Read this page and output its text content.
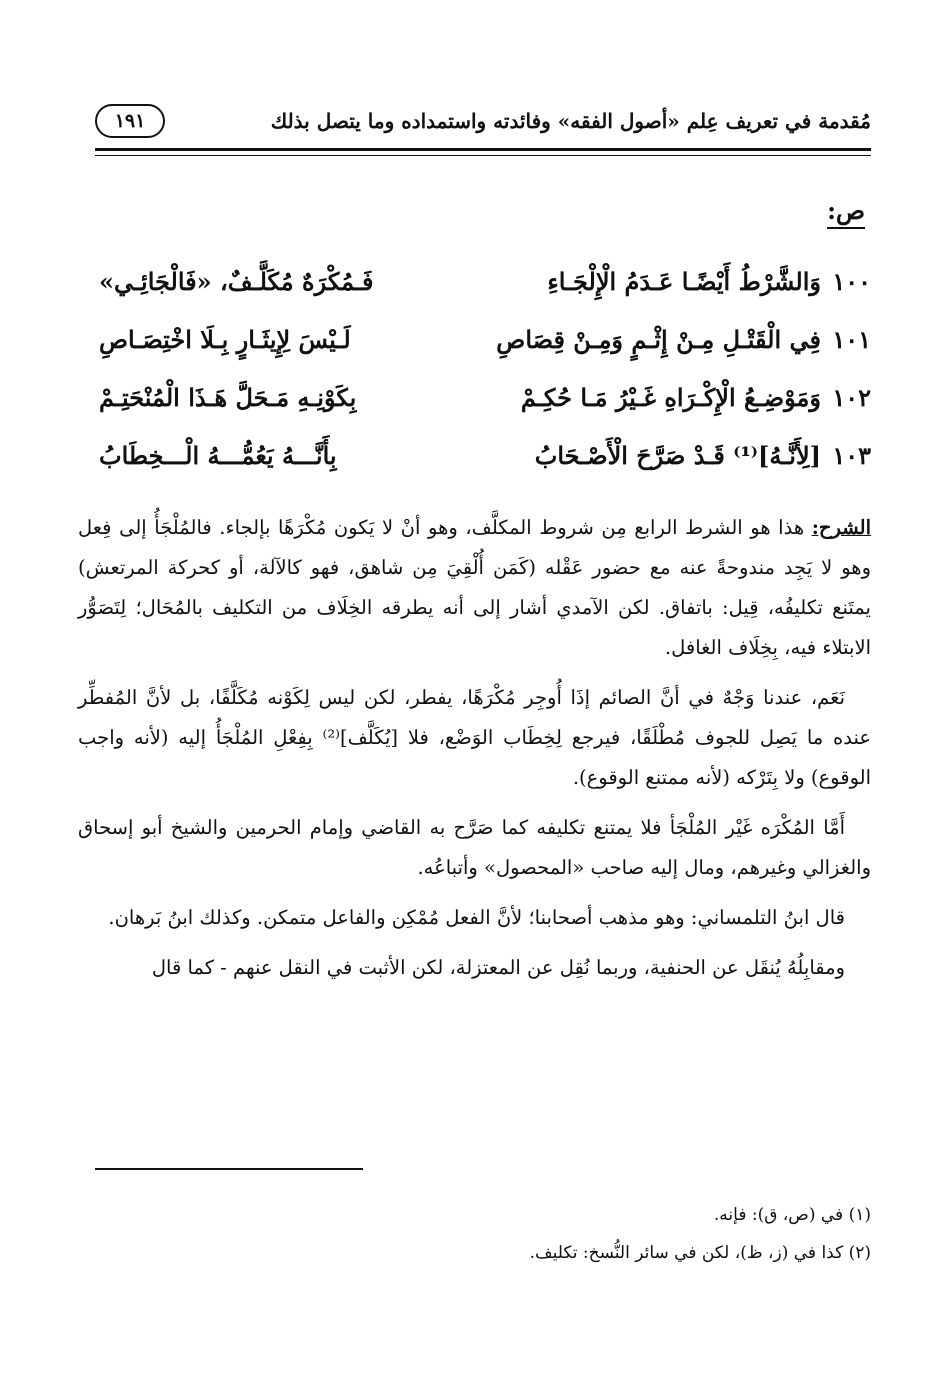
مُقدمة في تعريف عِلم «أصول الفقه» وفائدته واستمداده وما يتصل بذلك
١٩١
ص:
١٠٠
وَالشَّرْطُ أَيْضًـا عَـدَمُ الْإِلْجَـاءِ
فَـمُكْرَهٌ مُكَلَّـفٌ، «فَالْجَائِـي»
١٠١
فِي الْقَتْـلِ مِـنْ إِثْـمٍ وَمِـنْ قِصَاصِ
لَـيْسَ لِإِيثَـارٍ بِـلَا اخْتِصَـاصِ
١٠٢
وَمَوْضِـعُ الْإِكْـرَاهِ غَـيْرُ مَـا حُكِـمْ
بِكَوْنِـهِ مَـحَلَّ هَـذَا الْمُنْحَتِـمْ
١٠٣
[لِأَنَّـهُ]⁽¹⁾ قَـدْ صَرَّحَ الْأَصْـحَابُ
بِأَنَّـــهُ يَعُمُّـــهُ الْـــخِطَابُ

الشرح: هذا هو الشرط الرابع مِن شروط المكلَّف، وهو أنْ لا يَكون مُكْرَهًا بإلجاء. فالمُلْجَأُ إلى فِعل وهو لا يَجِد مندوحةً عنه مع حضور عَقْله (كَمَن أُلْقِيَ مِن شاهق، فهو كالآلة، أو كحركة المرتعش) يمتَنع تكليفُه، قِيل: باتفاق. لكن الآمدي أشار إلى أنه يطرقه الخِلَاف من التكليف بالمُحَال؛ لِتَصَوُّر الابتلاء فيه، بِخِلَاف الغافل.

نَعَم، عندنا وَجْهٌ في أنَّ الصائم إذَا أُوجِر مُكْرَهًا، يفطر، لكن ليس لِكَوْنه مُكَلَّفًا، بل لأنَّ المُفطِّر عنده ما يَصِل للجوف مُطْلَقًا، فيرجع لِخِطَاب الوَضْع، فلا [يُكَلَّف]⁽²⁾ بِفِعْلِ المُلْجَأُ إليه (لأنه واجب الوقوع) ولا بِتَرْكه (لأنه ممتنع الوقوع).

أَمَّا المُكْرَه غَيْر المُلْجَأ فلا يمتنع تكليفه كما صَرَّح به القاضي وإمام الحرمين والشيخ أبو إسحاق والغزالي وغيرهم، ومال إليه صاحب «المحصول» وأتباعُه.

قال ابنُ التلمساني: وهو مذهب أصحابنا؛ لأنَّ الفعل مُمْكِن والفاعل متمكن. وكذلك ابنُ بَرهان.

ومقابِلُهُ يُنقَل عن الحنفية، وربما نُقِل عن المعتزلة، لكن الأثبت في النقل عنهم - كما قال

(١) في (ص، ق): فإنه.
(٢) كذا في (ز، ظ)، لكن في سائر النُّسخ: تكليف.
